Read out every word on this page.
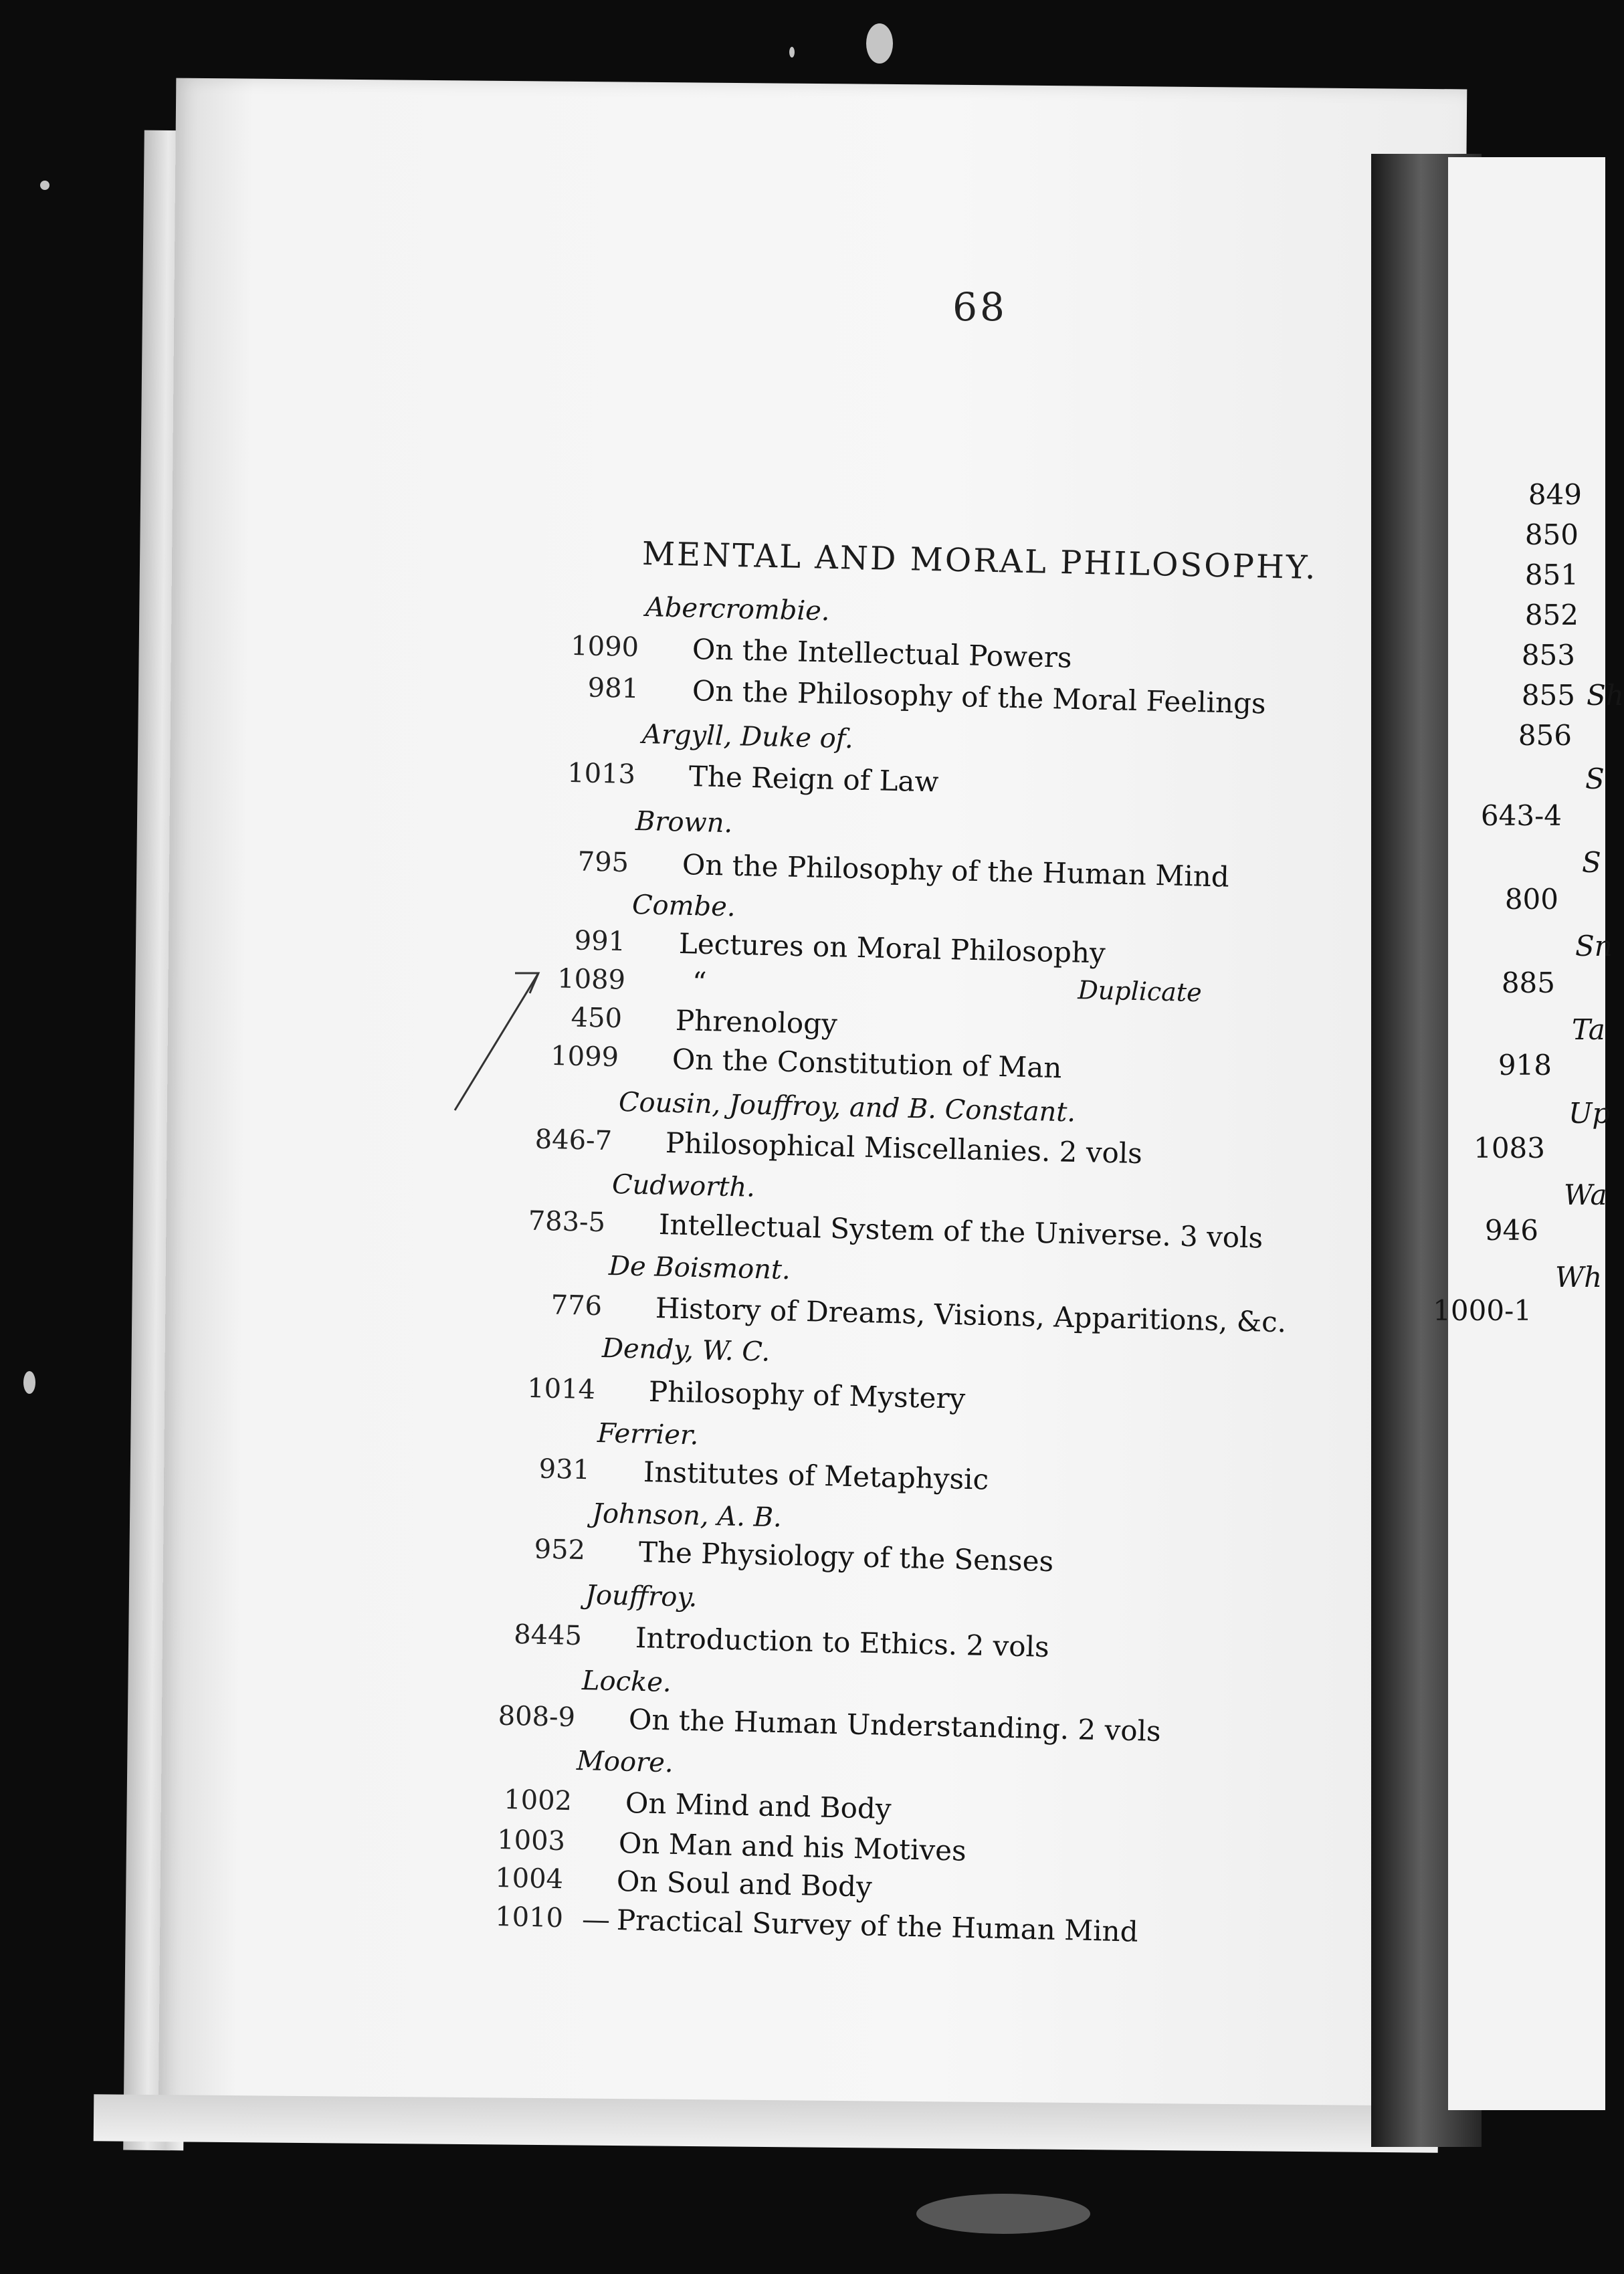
68
MENTAL AND MORAL PHILOSOPHY.
Abercrombie.
1090 On the Intellectual Powers
981 On the Philosophy of the Moral Feelings
Argyll, Duke of.
1013 The Reign of Law
Brown.
795 On the Philosophy of the Human Mind
Combe.
991 Lectures on Moral Philosophy
1089 “	Duplicate
450 Phrenology
1099 On the Constitution of Man
Cousin, Jouffroy, and B. Constant.
846-7 Philosophical Miscellanies. 2 vols
Cudworth.
783-5 Intellectual System of the Universe. 3 vols
De Boismont.
776 History of Dreams, Visions, Apparitions, &c.
Dendy, W. C.
1014 Philosophy of Mystery
Ferrier.
931 Institutes of Metaphysic
Johnson, A. B.
952 The Physiology of the Senses
Jouffroy.
8445 Introduction to Ethics. 2 vols
Locke.
808-9 On the Human Understanding. 2 vols
Moore.
1002 On Mind and Body
1003 On Man and his Motives
1004 On Soul and Body
1010 — Practical Survey of the Human Mind
849
850
851
852
853
855
856
S
643-4
S
800
Sn
885
Ta
918
Up
1083
Wa
946
Wh
1000-1
Sh
